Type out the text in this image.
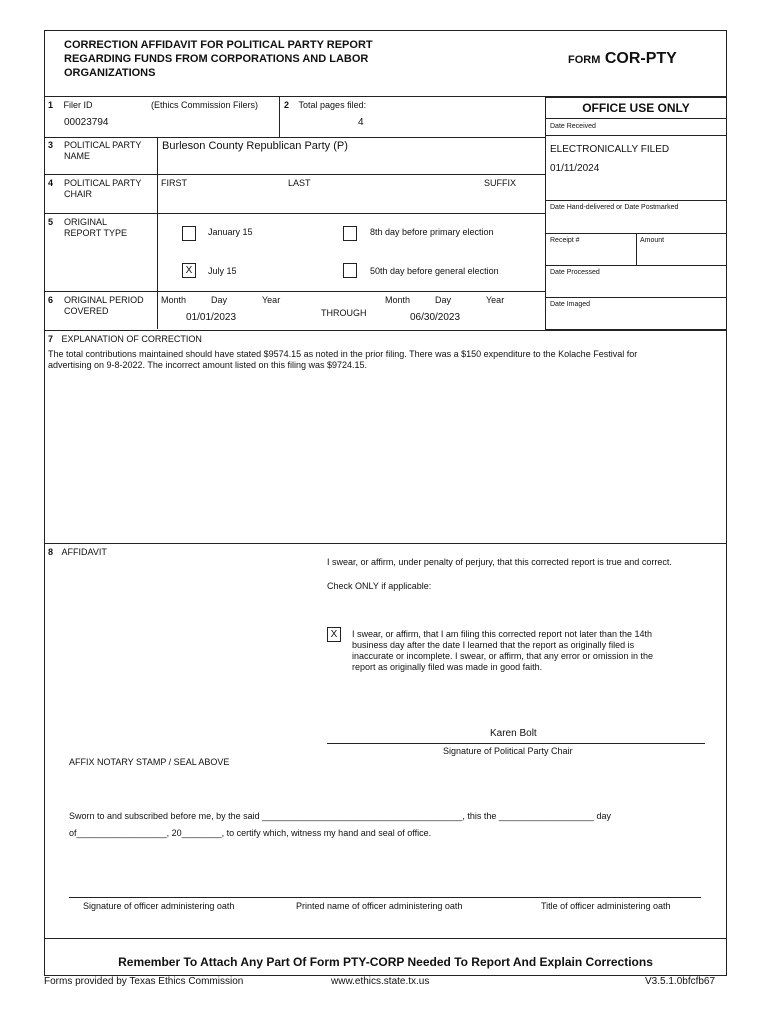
CORRECTION AFFIDAVIT FOR POLITICAL PARTY REPORT
REGARDING FUNDS FROM CORPORATIONS AND LABOR
ORGANIZATIONS
FORM COR-PTY
1 Filer ID	(Ethics Commission Filers)
00023794
2 Total pages filed:
4
3 POLITICAL PARTY
NAME
Burleson County Republican Party (P)
4 POLITICAL PARTY
CHAIR
FIRST	LAST	SUFFIX
5 ORIGINAL
REPORT TYPE	January 15	8th day before primary election
X	July 15	50th day before general election
6 ORIGINAL PERIOD
COVERED
Month	Day	Year
01/01/2023	THROUGH
Month	Day	Year
06/30/2023
OFFICE USE ONLY
Date Received
ELECTRONICALLY FILED
01/11/2024
Date Hand-delivered or Date Postmarked
Receipt #	Amount
Date Processed
Date Imaged
7 EXPLANATION OF CORRECTION
The total contributions maintained should have stated $9574.15 as noted in the prior filing. There was a $150 expenditure to the Kolache Festival for
advertising on 9-8-2022. The incorrect amount listed on this filing was $9724.15.
8 AFFIDAVIT
I swear, or affirm, under penalty of perjury, that this corrected report is true and correct.
Check ONLY if applicable:
X	I swear, or affirm, that I am filing this corrected report not later than the 14th
business day after the date I learned that the report as originally filed is
inaccurate or incomplete. I swear, or affirm, that any error or omission in the
report as originally filed was made in good faith.
Karen Bolt
Signature of Political Party Chair
AFFIX NOTARY STAMP / SEAL ABOVE
Sworn to and subscribed before me, by the said ________________________________________, this the ___________________ day
of__________________, 20________, to certify which, witness my hand and seal of office.
Signature of officer administering oath	Printed name of officer administering oath	Title of officer administering oath
Remember To Attach Any Part Of Form PTY-CORP Needed To Report And Explain Corrections
Forms provided by Texas Ethics Commission	www.ethics.state.tx.us	V3.5.1.0bfcfb67
